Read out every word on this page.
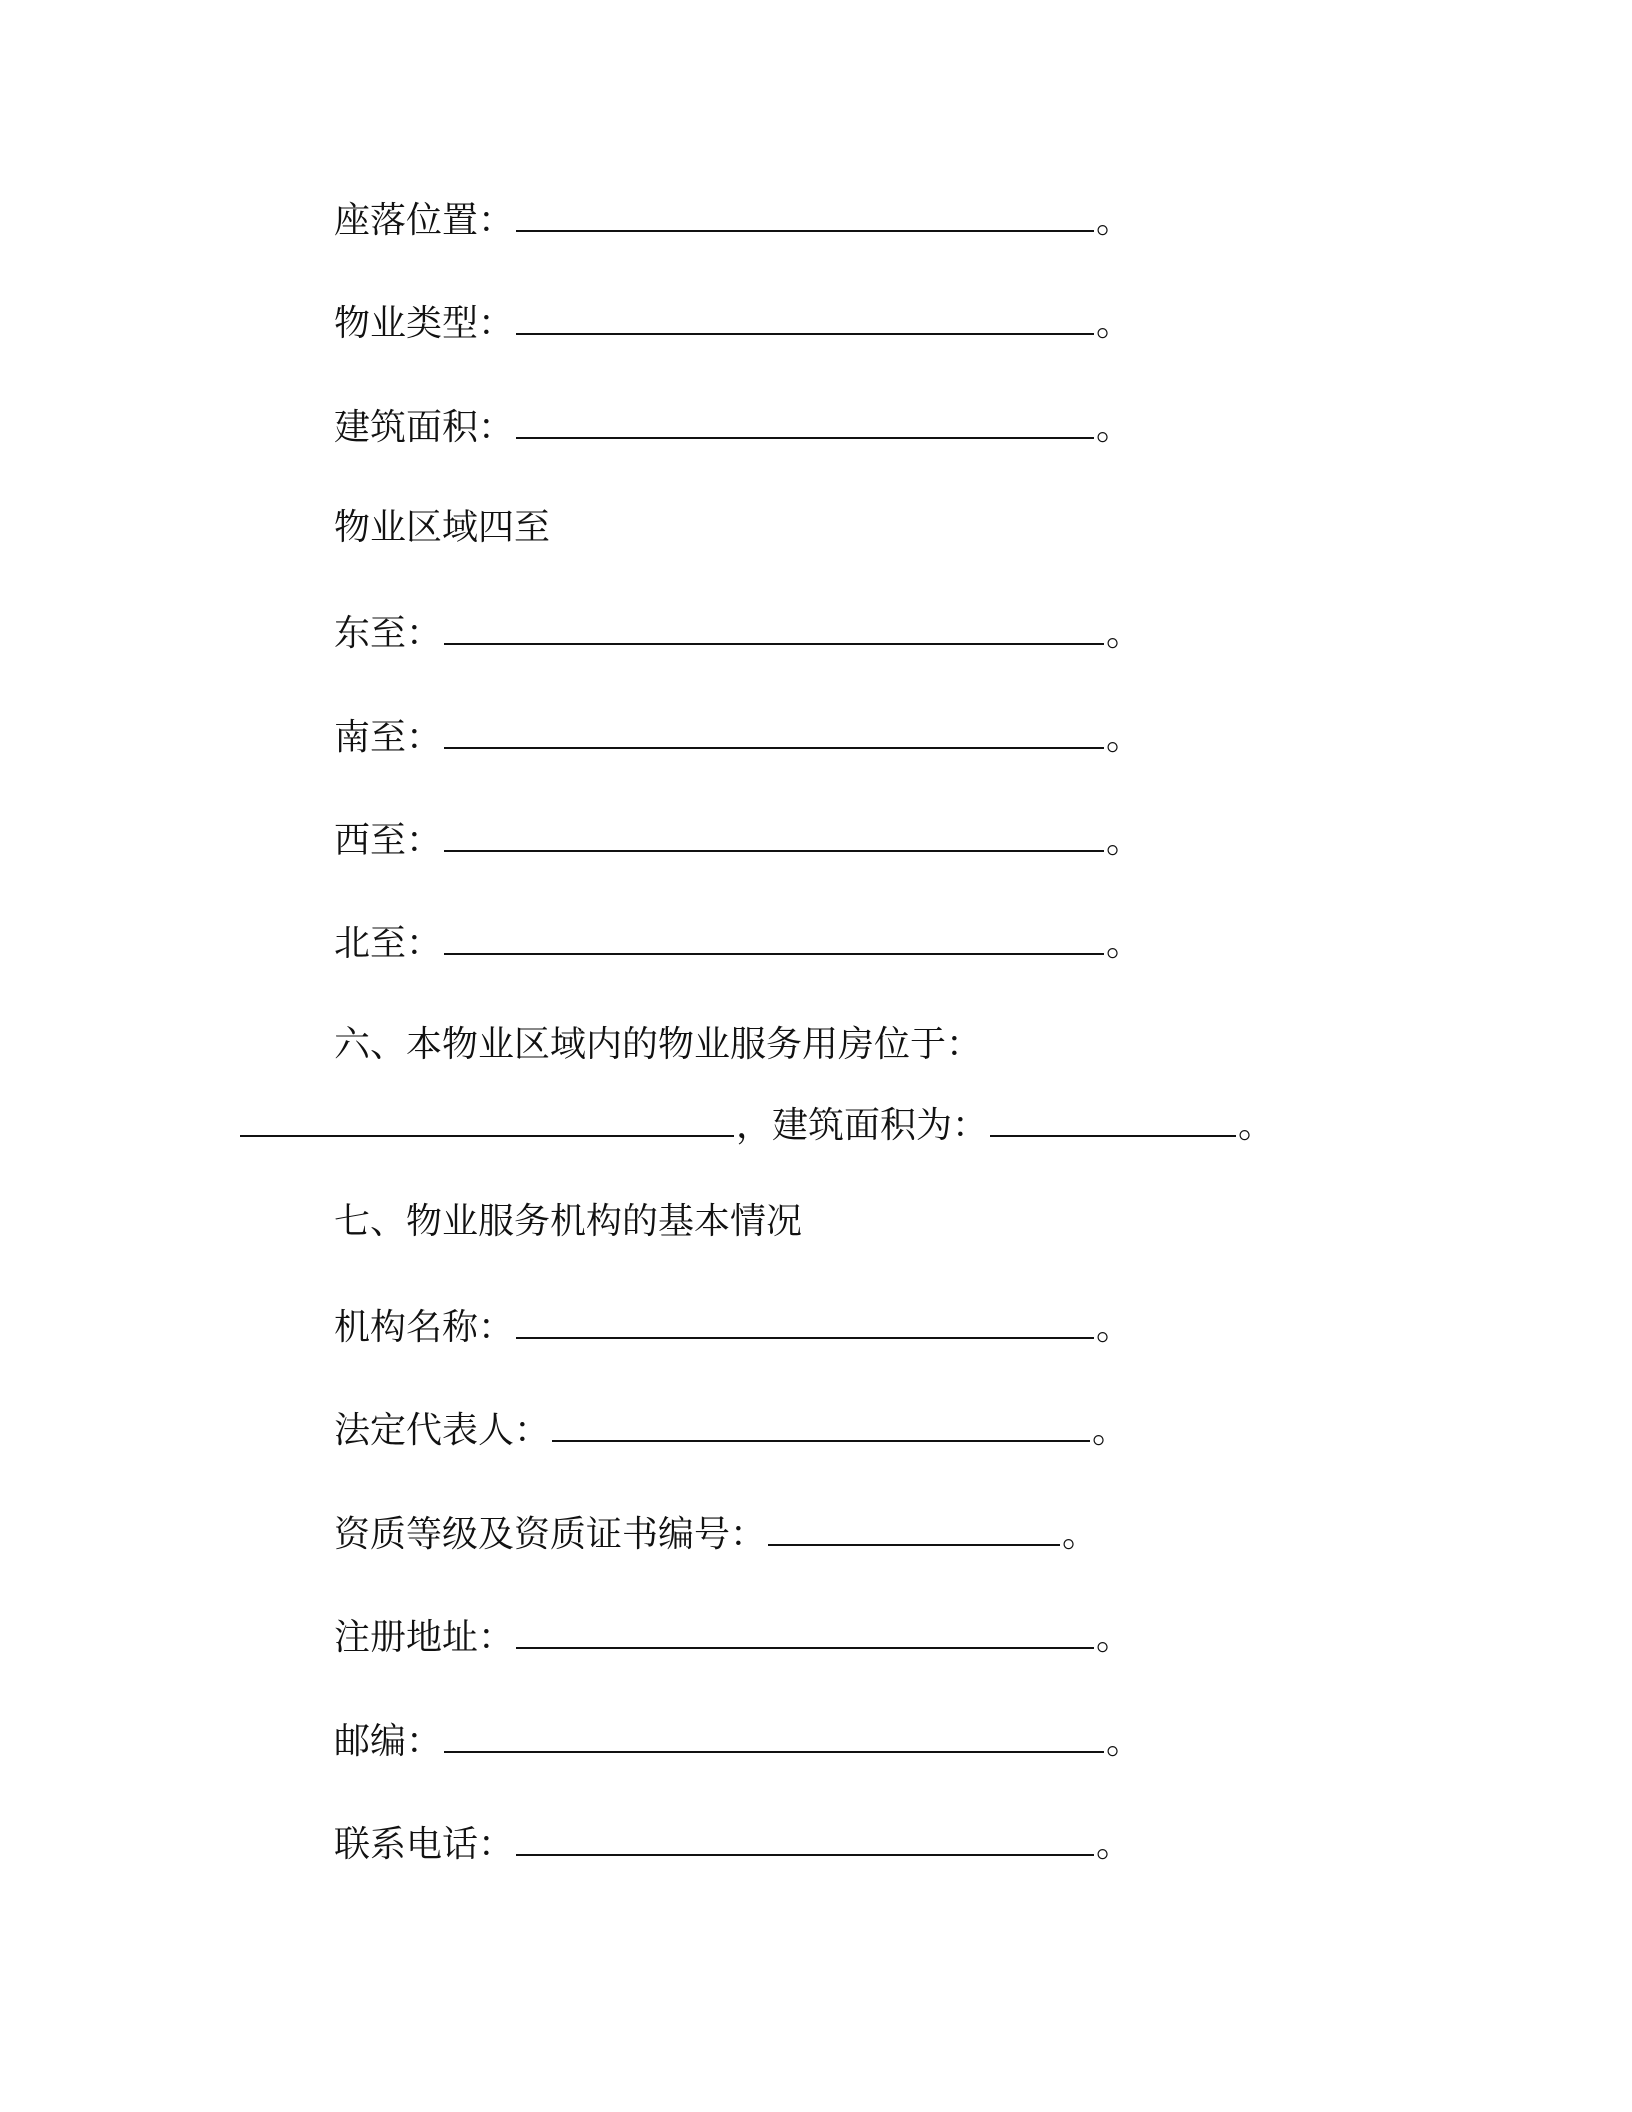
座落位置：	。
物业类型：	。
建筑面积：	。
物业区域四至
东至：	。
南至：	。
西至：	。
北至：	。
六、本物业区域内的物业服务用房位于：
，建筑面积为：	。
七、物业服务机构的基本情况
机构名称：	。
法定代表人：	。
资质等级及资质证书编号：	。
注册地址：	。
邮编：	。
联系电话：	。
